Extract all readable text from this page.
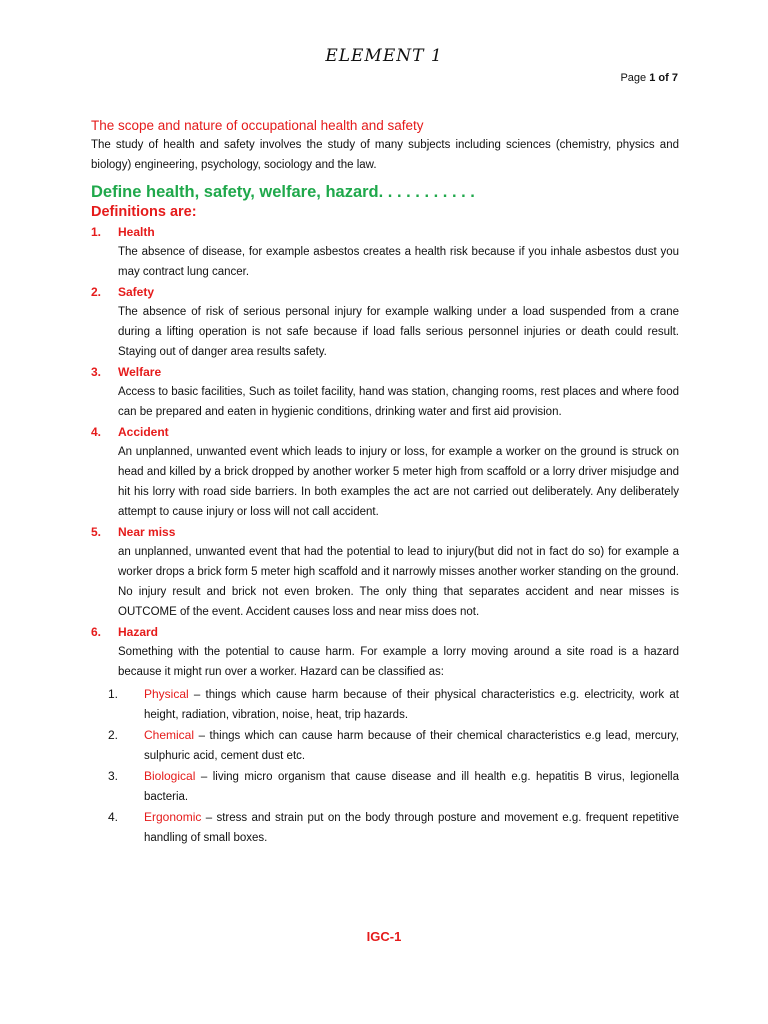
ELEMENT 1
Page 1 of 7
The scope and nature of occupational health and safety

The study of health and safety involves the study of many subjects including sciences (chemistry, physics and biology) engineering, psychology, sociology and the law.

Define health, safety, welfare, hazard. . . . . . . . . . .
Definitions are:
1.	Health

The absence of disease, for example asbestos creates a health risk because if you inhale asbestos dust you may contract lung cancer.

2.	Safety

The absence of risk of serious personal injury for example walking under a load suspended from a crane during a lifting operation is not safe because if load falls serious personnel injuries or death could result. Staying out of danger area results safety.

3.	Welfare

Access to basic facilities, Such as toilet facility, hand was station, changing rooms, rest places and where food can be prepared and eaten in hygienic conditions, drinking water and first aid provision.

4.	Accident

An unplanned, unwanted event which leads to injury or loss, for example a worker on the ground is struck on head and killed by a brick dropped by another worker 5 meter high from scaffold or a lorry driver misjudge and hit his lorry with road side barriers. In both examples the act are not carried out deliberately. Any deliberately attempt to cause injury or loss will not call accident.

5.	Near miss

an unplanned, unwanted event that had the potential to lead to injury(but did not in fact do so) for example a worker drops a brick form 5 meter high scaffold and it narrowly misses another worker standing on the ground. No injury result and brick not even broken. The only thing that separates accident and near misses is OUTCOME of the event. Accident causes loss and near miss does not.

6.	Hazard

Something with the potential to cause harm. For example a lorry moving around a site road is a hazard because it might run over a worker. Hazard can be classified as:

1.	Physical – things which cause harm because of their physical characteristics e.g. electricity, work at height, radiation, vibration, noise, heat, trip hazards.
2.	Chemical – things which can cause harm because of their chemical characteristics e.g lead, mercury, sulphuric acid, cement dust etc.
3.	Biological – living micro organism that cause disease and ill health e.g. hepatitis B virus, legionella bacteria.
4.	Ergonomic – stress and strain put on the body through posture and movement e.g. frequent repetitive handling of small boxes.
IGC-1
